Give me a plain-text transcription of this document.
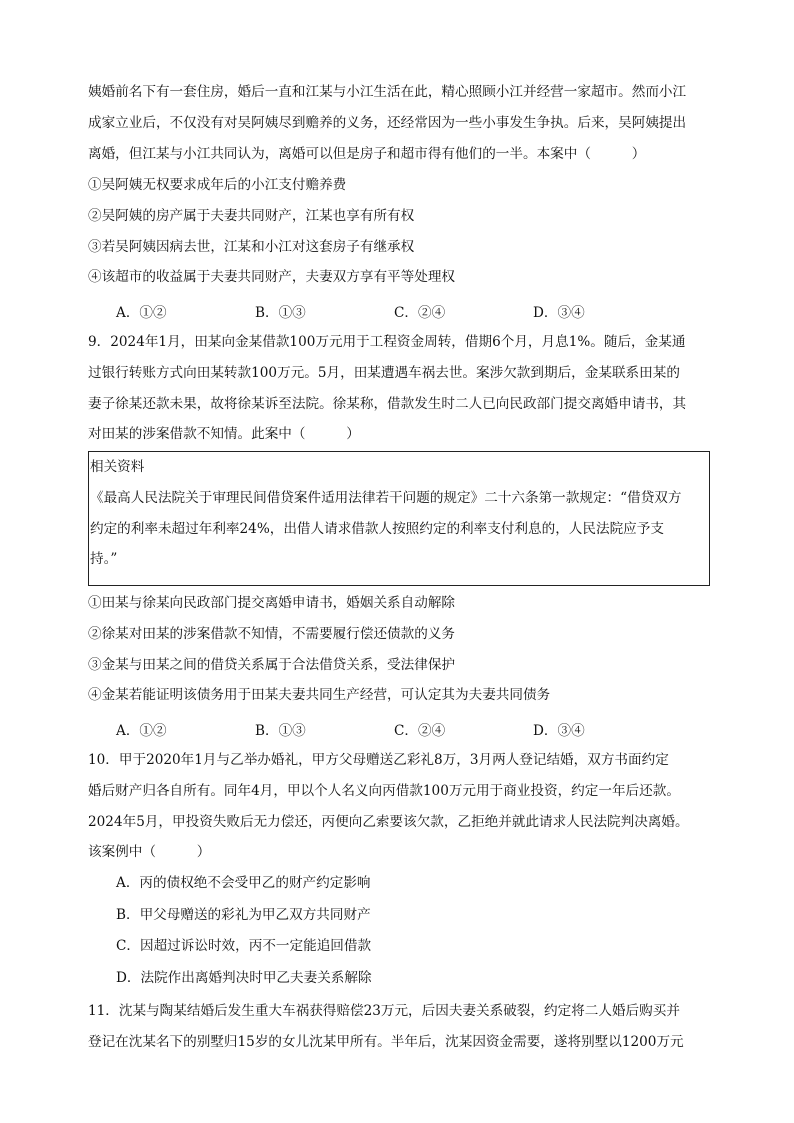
姨婚前名下有一套住房，婚后一直和江某与小江生活在此，精心照顾小江并经营一家超市。然而小江

成家立业后，不仅没有对吴阿姨尽到赡养的义务，还经常因为一些小事发生争执。后来，吴阿姨提出

离婚，但江某与小江共同认为，离婚可以但是房子和超市得有他们的一半。本案中（　　　）

①吴阿姨无权要求成年后的小江支付赡养费

②吴阿姨的房产属于夫妻共同财产，江某也享有所有权

③若吴阿姨因病去世，江某和小江对这套房子有继承权

④该超市的收益属于夫妻共同财产，夫妻双方享有平等处理权

A．①②	B．①③	C．②④	D．③④

9．2024年1月，田某向金某借款100万元用于工程资金周转，借期6个月，月息1%。随后，金某通

过银行转账方式向田某转款100万元。5月，田某遭遇车祸去世。案涉欠款到期后，金某联系田某的

妻子徐某还款未果，故将徐某诉至法院。徐某称，借款发生时二人已向民政部门提交离婚申请书，其

对田某的涉案借款不知情。此案中（　　　）

相关资料

《最高人民法院关于审理民间借贷案件适用法律若干问题的规定》二十六条第一款规定：“借贷双方

约定的利率未超过年利率24%，出借人请求借款人按照约定的利率支付利息的，人民法院应予支

持。”

①田某与徐某向民政部门提交离婚申请书，婚姻关系自动解除

②徐某对田某的涉案借款不知情，不需要履行偿还债款的义务

③金某与田某之间的借贷关系属于合法借贷关系，受法律保护

④金某若能证明该债务用于田某夫妻共同生产经营，可认定其为夫妻共同债务

A．①②	B．①③	C．②④	D．③④

10．甲于2020年1月与乙举办婚礼，甲方父母赠送乙彩礼8万，3月两人登记结婚，双方书面约定

婚后财产归各自所有。同年4月，甲以个人名义向丙借款100万元用于商业投资，约定一年后还款。

2024年5月，甲投资失败后无力偿还，丙便向乙索要该欠款，乙拒绝并就此请求人民法院判决离婚。

该案例中（　　　）

A．丙的债权绝不会受甲乙的财产约定影响

B．甲父母赠送的彩礼为甲乙双方共同财产

C．因超过诉讼时效，丙不一定能追回借款

D．法院作出离婚判决时甲乙夫妻关系解除

11．沈某与陶某结婚后发生重大车祸获得赔偿23万元，后因夫妻关系破裂，约定将二人婚后购买并

登记在沈某名下的别墅归15岁的女儿沈某甲所有。半年后，沈某因资金需要，遂将别墅以1200万元
